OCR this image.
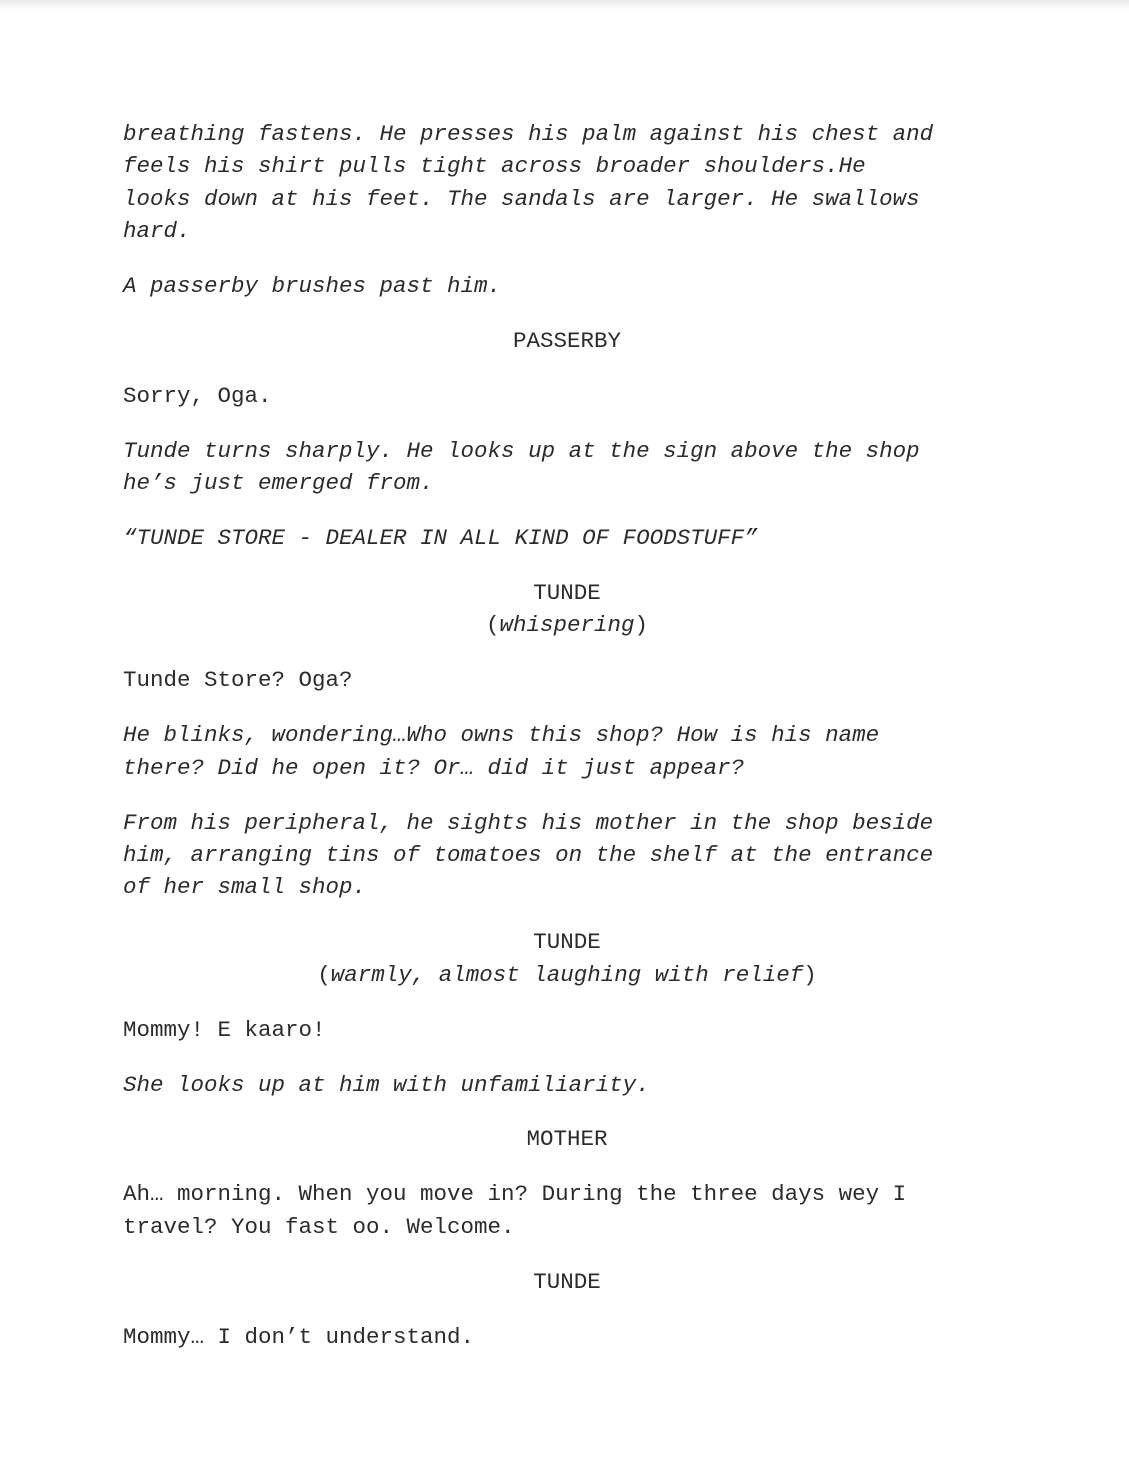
breathing fastens. He presses his palm against his chest and
feels his shirt pulls tight across broader shoulders.He
looks down at his feet. The sandals are larger. He swallows
hard.
A passerby brushes past him.
PASSERBY
Sorry, Oga.
Tunde turns sharply. He looks up at the sign above the shop
he’s just emerged from.
“TUNDE STORE - DEALER IN ALL KIND OF FOODSTUFF”
TUNDE
(whispering)
Tunde Store? Oga?
He blinks, wondering…Who owns this shop? How is his name
there? Did he open it? Or… did it just appear?
From his peripheral, he sights his mother in the shop beside
him, arranging tins of tomatoes on the shelf at the entrance
of her small shop.
TUNDE
(warmly, almost laughing with relief)
Mommy! E kaaro!
She looks up at him with unfamiliarity.
MOTHER
Ah… morning. When you move in? During the three days wey I
travel? You fast oo. Welcome.
TUNDE
Mommy… I don’t understand.
